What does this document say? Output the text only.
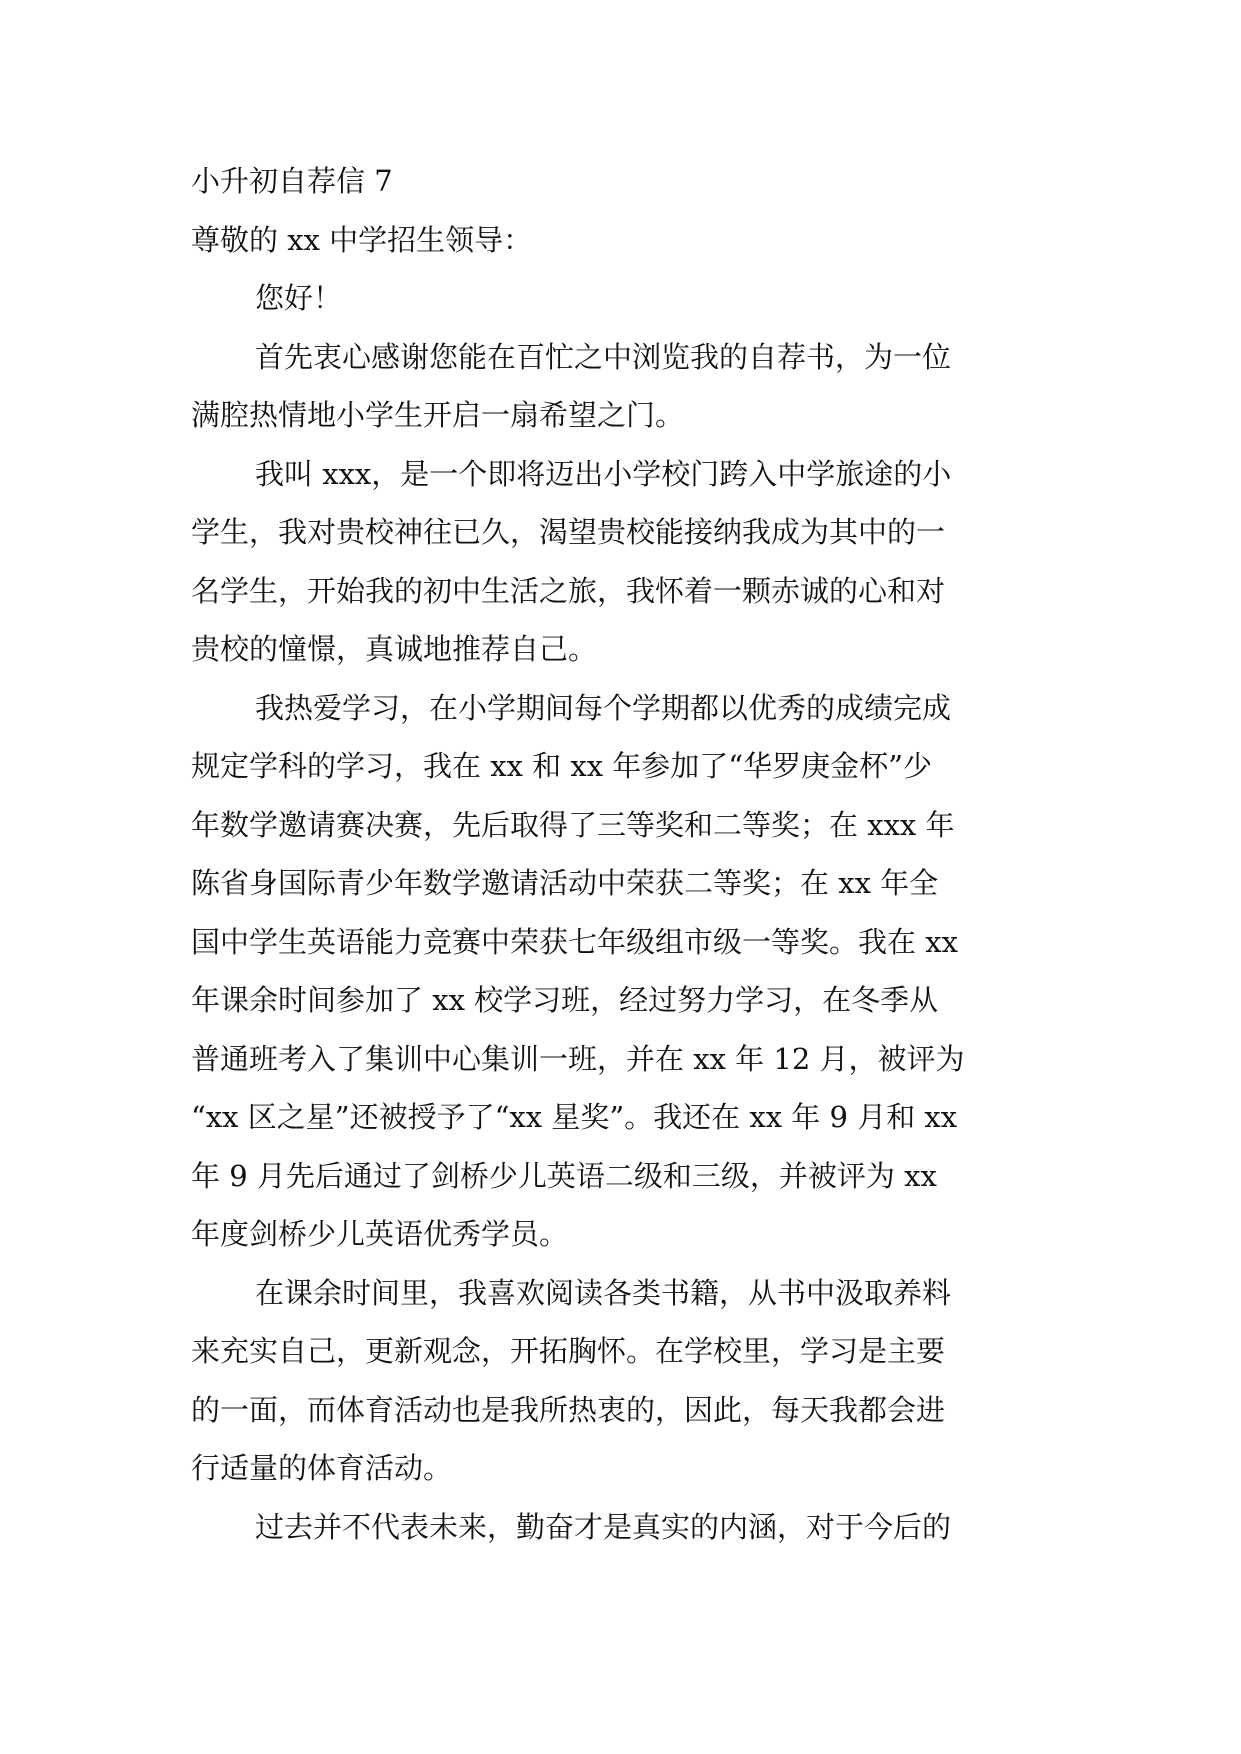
小升初自荐信 7

尊敬的 xx 中学招生领导：

您好！

首先衷心感谢您能在百忙之中浏览我的自荐书，为一位

满腔热情地小学生开启一扇希望之门。

我叫 xxx，是一个即将迈出小学校门跨入中学旅途的小

学生，我对贵校神往已久，渴望贵校能接纳我成为其中的一

名学生，开始我的初中生活之旅，我怀着一颗赤诚的心和对

贵校的憧憬，真诚地推荐自己。

我热爱学习，在小学期间每个学期都以优秀的成绩完成

规定学科的学习，我在 xx 和 xx 年参加了“华罗庚金杯”少

年数学邀请赛决赛，先后取得了三等奖和二等奖；在 xxx 年

陈省身国际青少年数学邀请活动中荣获二等奖；在 xx 年全

国中学生英语能力竞赛中荣获七年级组市级一等奖。我在 xx

年课余时间参加了 xx 校学习班，经过努力学习，在冬季从

普通班考入了集训中心集训一班，并在 xx 年 12 月，被评为

“xx 区之星”还被授予了“xx 星奖”。我还在 xx 年 9 月和 xx

年 9 月先后通过了剑桥少儿英语二级和三级，并被评为 xx

年度剑桥少儿英语优秀学员。

在课余时间里，我喜欢阅读各类书籍，从书中汲取养料

来充实自己，更新观念，开拓胸怀。在学校里，学习是主要

的一面，而体育活动也是我所热衷的，因此，每天我都会进

行适量的体育活动。

过去并不代表未来，勤奋才是真实的内涵，对于今后的
